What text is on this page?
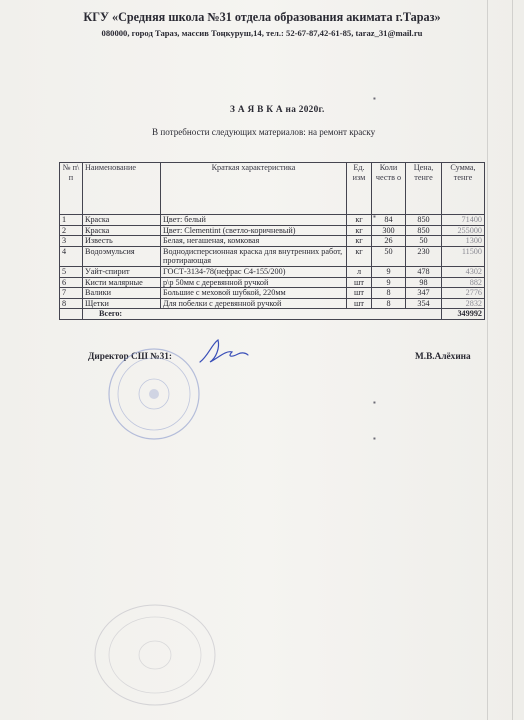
КГУ «Средняя школа №31 отдела образования акимата г.Тараз»
080000, город Тараз, массив Тоңкуруш,14, тел.: 52-67-87,42-61-85, taraz_31@mail.ru
З А Я В К А на 2020г.
В потребности следующих материалов: на ремонт краску
№ п\ п	Наименование	Краткая характеристика	Ед. изм	Коли честв о	Цена, тенге	Сумма, тенге
1	Краска	Цвет: белый	кг	84	850	71400
2	Краска	Цвет: Clementint (светло-коричневый)	кг	300	850	255000
3	Известь	Белая, негашеная, комковая	кг	26	50	1300
4	Водоэмульсия	Воднодисперсионная краска для внутренних работ, протирающая	кг	50	230	11500
5	Уайт-спирит	ГОСТ-3134-78(нефрас С4-155/200)	л	9	478	4302
6	Кисти малярные	р\р 50мм с деревянной ручкой	шт	9	98	882
7	Валики	Большие с меховой шубкой, 220мм	шт	8	347	2776
8	Щетки	Для побелки с деревянной ручкой	шт	8	354	2832
	Всего:					349992
Директор СШ №31:	М.В.Алёхина
▪
▪
▪
▪
